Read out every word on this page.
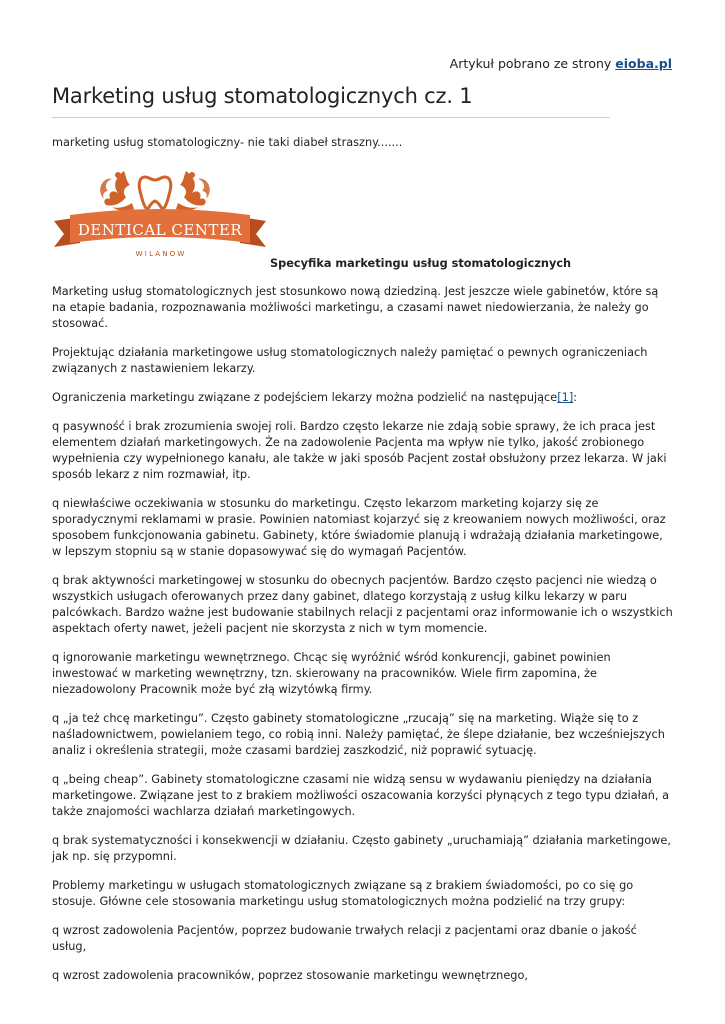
Artykuł pobrano ze strony eioba.pl
Marketing usług stomatologicznych cz. 1
marketing usług stomatologiczny- nie taki diabeł straszny.......
DENTICAL CENTER
W I L A N O W
Specyfika marketingu usług stomatologicznych

Marketing usług stomatologicznych jest stosunkowo nową dziedziną. Jest jeszcze wiele gabinetów, które są na etapie badania, rozpoznawania możliwości marketingu, a czasami nawet niedowierzania, że należy go stosować.

Projektując działania marketingowe usług stomatologicznych należy pamiętać o pewnych ograniczeniach związanych z nastawieniem lekarzy.

Ograniczenia marketingu związane z podejściem lekarzy można podzielić na następujące[1]:

q pasywność i brak zrozumienia swojej roli. Bardzo często lekarze nie zdają sobie sprawy, że ich praca jest elementem działań marketingowych. Że na zadowolenie Pacjenta ma wpływ nie tylko, jakość zrobionego wypełnienia czy wypełnionego kanału, ale także w jaki sposób Pacjent został obsłużony przez lekarza. W jaki sposób lekarz z nim rozmawiał, itp.

q niewłaściwe oczekiwania w stosunku do marketingu. Często lekarzom marketing kojarzy się ze sporadycznymi reklamami w prasie. Powinien natomiast kojarzyć się z kreowaniem nowych możliwości, oraz sposobem funkcjonowania gabinetu. Gabinety, które świadomie planują i wdrażają działania marketingowe, w lepszym stopniu są w stanie dopasowywać się do wymagań Pacjentów.

q brak aktywności marketingowej w stosunku do obecnych pacjentów. Bardzo często pacjenci nie wiedzą o wszystkich usługach oferowanych przez dany gabinet, dlatego korzystają z usług kilku lekarzy w paru palcówkach. Bardzo ważne jest budowanie stabilnych relacji z pacjentami oraz informowanie ich o wszystkich aspektach oferty nawet, jeżeli pacjent nie skorzysta z nich w tym momencie.

q ignorowanie marketingu wewnętrznego. Chcąc się wyróżnić wśród konkurencji, gabinet powinien inwestować w marketing wewnętrzny, tzn. skierowany na pracowników. Wiele firm zapomina, że niezadowolony Pracownik może być złą wizytówką firmy.

q „ja też chcę marketingu”. Często gabinety stomatologiczne „rzucają” się na marketing. Wiąże się to z naśladownictwem, powielaniem tego, co robią inni. Należy pamiętać, że ślepe działanie, bez wcześniejszych analiz i określenia strategii, może czasami bardziej zaszkodzić, niż poprawić sytuację.

q „being cheap”. Gabinety stomatologiczne czasami nie widzą sensu w wydawaniu pieniędzy na działania marketingowe. Związane jest to z brakiem możliwości oszacowania korzyści płynących z tego typu działań, a także znajomości wachlarza działań marketingowych.

q brak systematyczności i konsekwencji w działaniu. Często gabinety „uruchamiają” działania marketingowe, jak np. się przypomni.

Problemy marketingu w usługach stomatologicznych związane są z brakiem świadomości, po co się go stosuje. Główne cele stosowania marketingu usług stomatologicznych można podzielić na trzy grupy:

q wzrost zadowolenia Pacjentów, poprzez budowanie trwałych relacji z pacjentami oraz dbanie o jakość usług,

q wzrost zadowolenia pracowników, poprzez stosowanie marketingu wewnętrznego,
